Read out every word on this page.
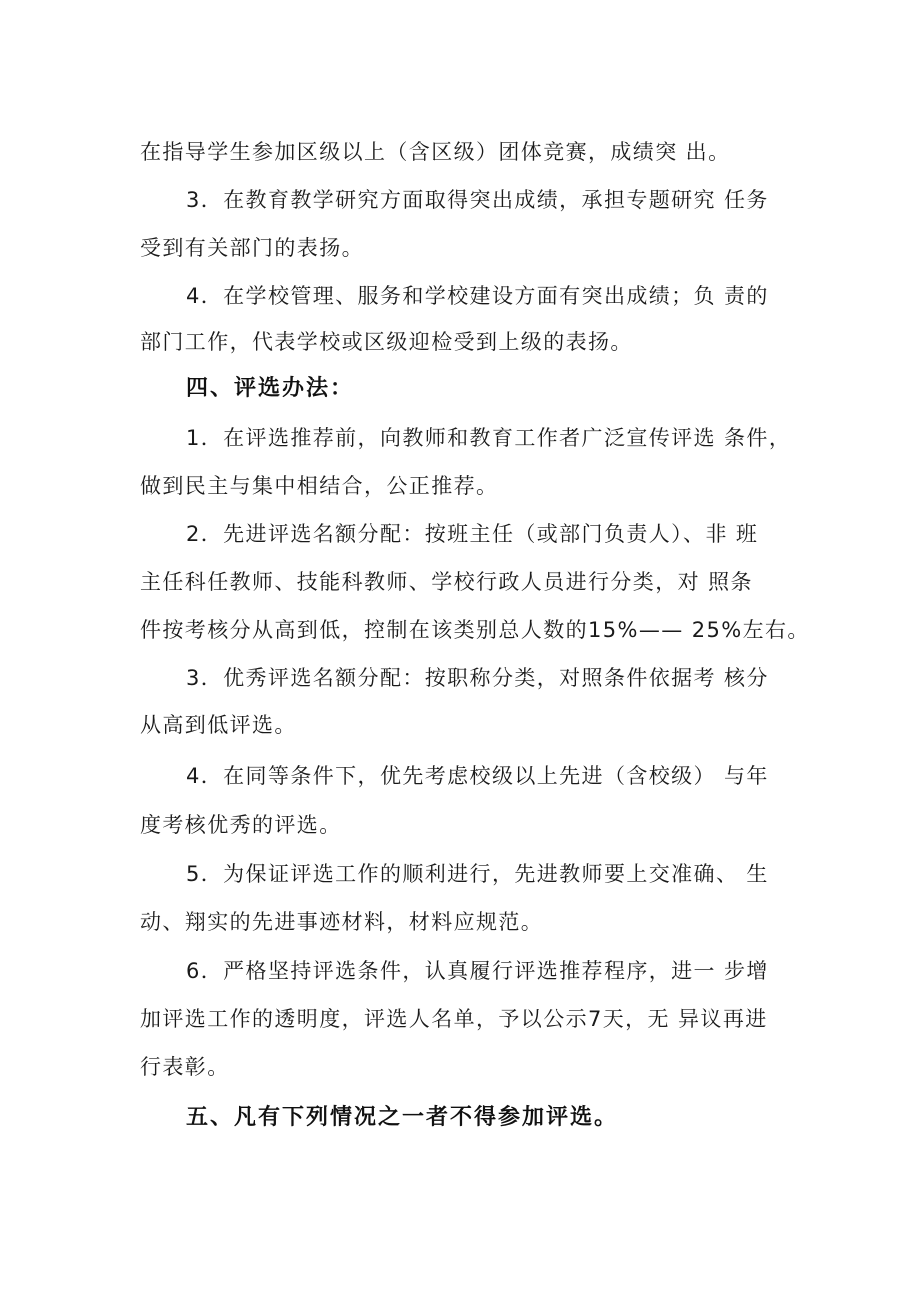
在指导学生参加区级以上（含区级）团体竞赛，成绩突 出。
3．在教育教学研究方面取得突出成绩，承担专题研究 任务
受到有关部门的表扬。
4．在学校管理、服务和学校建设方面有突出成绩；负 责的
部门工作，代表学校或区级迎检受到上级的表扬。
四、评选办法：
1．在评选推荐前，向教师和教育工作者广泛宣传评选 条件，
做到民主与集中相结合，公正推荐。
2．先进评选名额分配：按班主任（或部门负责人）、非 班
主任科任教师、技能科教师、学校行政人员进行分类，对 照条
件按考核分从高到低，控制在该类别总人数的15%—— 25%左右。
3．优秀评选名额分配：按职称分类，对照条件依据考 核分
从高到低评选。
4．在同等条件下，优先考虑校级以上先进（含校级） 与年
度考核优秀的评选。
5．为保证评选工作的顺利进行，先进教师要上交准确、 生
动、翔实的先进事迹材料，材料应规范。
6．严格坚持评选条件，认真履行评选推荐程序，进一 步增
加评选工作的透明度，评选人名单，予以公示7天，无 异议再进
行表彰。
五、凡有下列情况之一者不得参加评选。
